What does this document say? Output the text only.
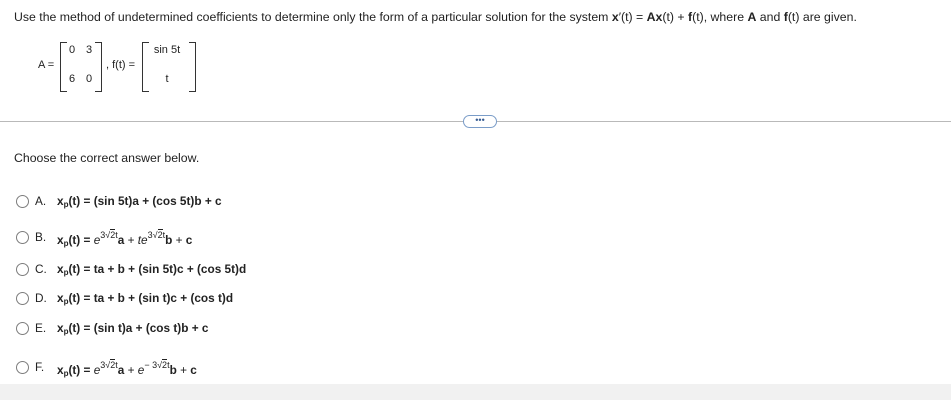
Use the method of undetermined coefficients to determine only the form of a particular solution for the system x′(t) = Ax(t) + f(t), where A and f(t) are given.
A =
0 3
6 0
, f(t) =
sin 5t
t
•••
Choose the correct answer below.
A. $x_p(t) = (\sin$ 5t)a + (cos 5t)b + c
B. $x_p(t) = e^{3√2t}a + te^{3√2t}b + c$
C. $x_p(t)$ = ta + b + (sin 5t)c + (cos 5t)d
D. $x_p(t)$ = ta + b + (sin t)c + (cos t)d
E. $x_p(t) = (\sin$ t)a + (cos t)b + c
F. $x_p(t) = e^{3√2t}a + e^{- 3√2t}b + c$
